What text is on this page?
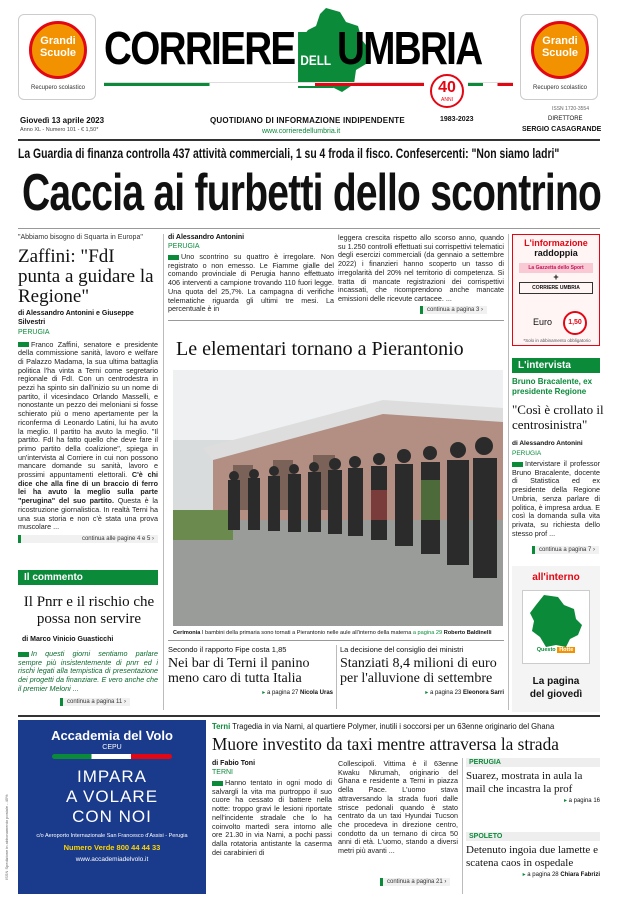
Grandi
Scuole
Recupero scolastico
Grandi
Scuole
Recupero scolastico
CORRIERE DELL UMBRIA
40
ANNI
ISSN 1720-3554
Giovedì 13 aprile 2023
Anno XL - Numero 101 - € 1,50*
QUOTIDIANO DI INFORMAZIONE INDIPENDENTE
www.corrieredellumbria.it
1983-2023	DIRETTORE
SERGIO CASAGRANDE
La Guardia di finanza controlla 437 attività commerciali, 1 su 4 froda il fisco. Confesercenti: "Non siamo ladri"
Caccia ai furbetti dello scontrino
"Abbiamo bisogno di Squarta in Europa"
Zaffini: "FdI punta a guidare la Regione"
di Alessandro Antonini e Giuseppe Silvestri
PERUGIA
Franco Zaffini, senatore e presidente della commissione sanità, lavoro e welfare di Palazzo Madama, la sua ultima battaglia politica l'ha vinta a Terni come segretario regionale di FdI. Con un centrodestra in pezzi ha spinto sin dall'inizio su un nome di partito, il vicesindaco Orlando Masselli, e nonostante un pezzo dei meloniani si fosse schierato più o meno apertamente per la riconferma di Leonardo Latini, lui ha avuto la meglio. Il partito ha avuto la meglio. "Il partito. FdI ha fatto quello che deve fare il primo partito della coalizione", spiega in un'intervista al Corriere in cui non possono mancare domande su sanità, lavoro e prossimi appuntamenti elettorali. C'è chi dice che alla fine di un braccio di ferro lei ha avuto la meglio sulla parte "perugina" del suo partito. Questa è la ricostruzione giornalistica. In realtà Terni ha una sua storia e non c'è stata una prova muscolare ...
continua alle pagine 4 e 5 ›
Il commento
Il Pnrr e il rischio che possa non servire
di Marco Vinicio Guasticchi
In questi giorni sentiamo parlare sempre più insistentemente di pnrr ed i rischi legati alla tempistica di presentazione dei progetti da finanziare. E vero anche che il premier Meloni ...
continua a pagina 11 ›
di Alessandro Antonini
PERUGIA
Uno scontrino su quattro è irregolare. Non registrato o non emesso. Le Fiamme gialle del comando provinciale di Perugia hanno effettuato 406 interventi a campione trovando 110 fuori legge. Una quota del 25,7%. La campagna di verifiche telematiche riguarda gli ultimi tre mesi. La percentuale è in
leggera crescita rispetto allo scorso anno, quando su 1.250 controlli effettuati sui corrispettivi telematici degli esercizi commerciali (da gennaio a settembre 2022) i finanzieri hanno scoperto un tasso di irregolarità del 20% nel territorio di competenza. Si tratta di mancate registrazioni dei corrispettivi incassati, che ricomprendono anche mancate emissioni delle ricevute cartacee. ...
continua a pagina 3 ›
Le elementari tornano a Pierantonio
Cerimonia I bambini della primaria sono tornati a Pierantonio nelle aule all'interno della materna a pagina 29 Roberto Baldinelli
Secondo il rapporto Fipe costa 1,85
Nei bar di Terni il panino meno caro di tutta Italia
▸ a pagina 27 Nicola Uras
La decisione del consiglio dei ministri
Stanziati 8,4 milioni di euro per l'alluvione di settembre
▸ a pagina 23 Eleonora Sarri
L'informazione
raddoppia
La Gazzetta dello Sport
+
CORRIERE UMBRIA
Euro	1,50
*Solo in abbinamento obbligatorio
L'intervista
Bruno Bracalente, ex presidente Regione
"Così è crollato il centrosinistra"
di Alessandro Antonini
PERUGIA
Intervistare il professor Bruno Bracalente, docente di Statistica ed ex presidente della Regione Umbria, senza parlare di politica, è impresa ardua. E così la domanda sulla vita privata, su richiesta dello stesso prof ...
continua a pagina 7 ›
all'interno
Questo Hotte
La pagina
del giovedì
ISSN Spedizione in abbonamento postale - 45%
Accademia del Volo
CEPU
IMPARA
A VOLARE
CON NOI
c/o Aeroporto Internazionale San Francesco d'Assisi - Perugia
Numero Verde 800 44 44 33
www.accademiadelvolo.it
Terni Tragedia in via Narni, al quartiere Polymer, inutili i soccorsi per un 63enne originario del Ghana
Muore investito da taxi mentre attraversa la strada
di Fabio Toni
TERNI
Hanno tentato in ogni modo di salvargli la vita ma purtroppo il suo cuore ha cessato di battere nella notte: troppo gravi le lesioni riportate nell'incidente stradale che lo ha coinvolto martedì sera intorno alle ore 21.30 in via Narni, a pochi passi dalla rotatoria antistante la caserma dei carabinieri di
Collescipoli. Vittima è il 63enne Kwaku Nkrumah, originario del Ghana e residente a Terni in piazza della Pace. L'uomo stava attraversando la strada fuori dalle strisce pedonali quando è stato centrato da un taxi Hyundai Tucson che procedeva in direzione centro, condotto da un ternano di circa 50 anni di età. L'uomo, stando a diversi metri più avanti ...
continua a pagina 21 ›
PERUGIA
Suarez, mostrata in aula la mail che incastra la prof
▸ a pagina 16
SPOLETO
Detenuto ingoia due lamette e scatena caos in ospedale
▸ a pagina 28 Chiara Fabrizi
